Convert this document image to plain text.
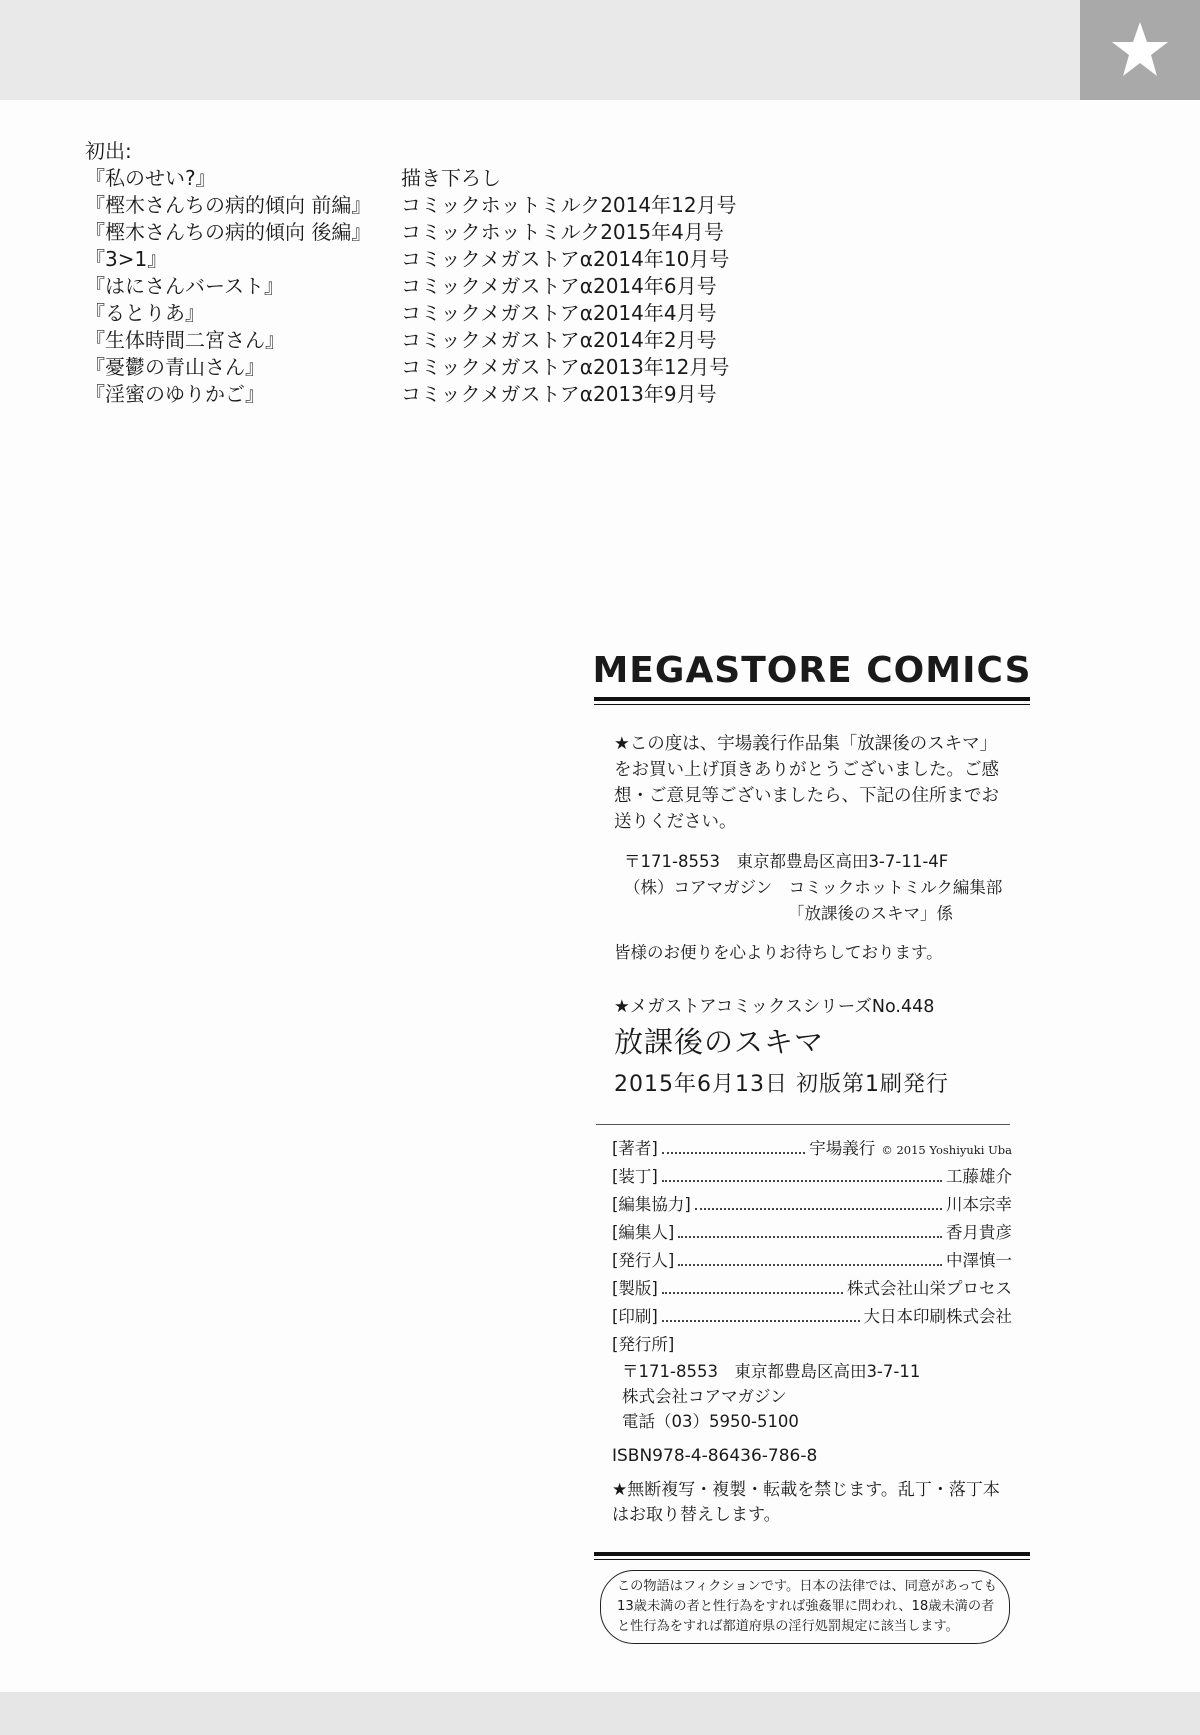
初出:
『私のせい?』	描き下ろし
『樫木さんちの病的傾向 前編』	コミックホットミルク2014年12月号
『樫木さんちの病的傾向 後編』	コミックホットミルク2015年4月号
『3>1』	コミックメガストアα2014年10月号
『はにさんバースト』	コミックメガストアα2014年6月号
『るとりあ』	コミックメガストアα2014年4月号
『生体時間二宮さん』	コミックメガストアα2014年2月号
『憂鬱の青山さん』	コミックメガストアα2013年12月号
『淫蜜のゆりかご』	コミックメガストアα2013年9月号
MEGASTORE COMICS
★この度は、宇場義行作品集「放課後のスキマ」をお買い上げ頂きありがとうございました。ご感想・ご意見等ございましたら、下記の住所までお送りください。
〒171-8553　東京都豊島区高田3-7-11-4F
（株）コアマガジン　コミックホットミルク編集部
「放課後のスキマ」係
皆様のお便りを心よりお待ちしております。
★メガストアコミックスシリーズNo.448
放課後のスキマ
2015年6月13日 初版第1刷発行
[著者]	宇場義行 © 2015 Yoshiyuki Uba
[装丁]	工藤雄介
[編集協力]	川本宗幸
[編集人]	香月貴彦
[発行人]	中澤慎一
[製版]	株式会社山栄プロセス
[印刷]	大日本印刷株式会社
[発行所]
〒171-8553　東京都豊島区高田3-7-11
株式会社コアマガジン
電話（03）5950-5100
ISBN978-4-86436-786-8
★無断複写・複製・転載を禁じます。乱丁・落丁本はお取り替えします。
この物語はフィクションです。日本の法律では、同意があっても13歳未満の者と性行為をすれば強姦罪に問われ、18歳未満の者と性行為をすれば都道府県の淫行処罰規定に該当します。
